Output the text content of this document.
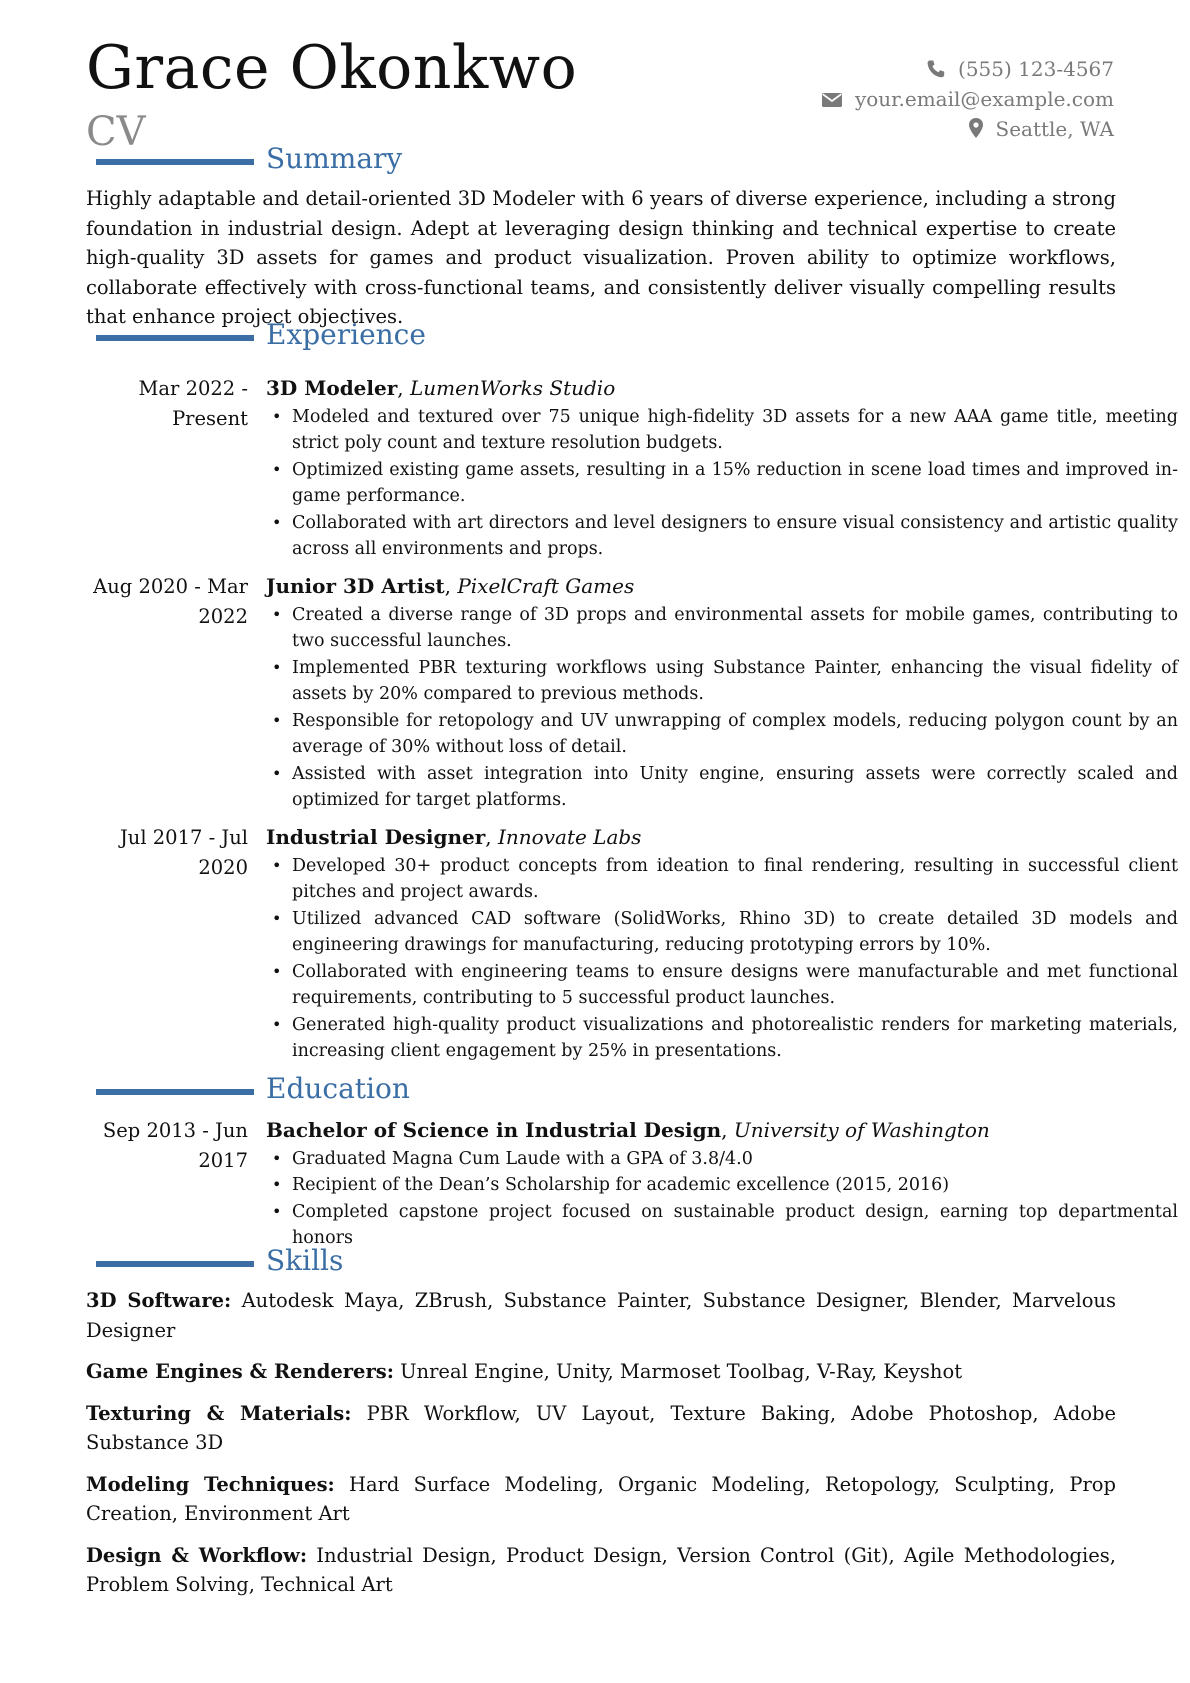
Grace Okonkwo
CV
(555) 123-4567
your.email@example.com
Seattle, WA
Summary
Highly adaptable and detail-oriented 3D Modeler with 6 years of diverse experience, including a strong foundation in industrial design. Adept at leveraging design thinking and technical expertise to create high-quality 3D assets for games and product visualization. Proven ability to optimize workflows, collaborate effectively with cross-functional teams, and consistently deliver visually compelling results that enhance project objectives.
Experience
Mar 2022 - Present
3D Modeler, LumenWorks Studio
• Modeled and textured over 75 unique high-fidelity 3D assets for a new AAA game title, meeting strict poly count and texture resolution budgets.
• Optimized existing game assets, resulting in a 15% reduction in scene load times and improved in-game performance.
• Collaborated with art directors and level designers to ensure visual consistency and artistic quality across all environments and props.
Aug 2020 - Mar 2022
Junior 3D Artist, PixelCraft Games
• Created a diverse range of 3D props and environmental assets for mobile games, contributing to two successful launches.
• Implemented PBR texturing workflows using Substance Painter, enhancing the visual fidelity of assets by 20% compared to previous methods.
• Responsible for retopology and UV unwrapping of complex models, reducing polygon count by an average of 30% without loss of detail.
• Assisted with asset integration into Unity engine, ensuring assets were correctly scaled and optimized for target platforms.
Jul 2017 - Jul 2020
Industrial Designer, Innovate Labs
• Developed 30+ product concepts from ideation to final rendering, resulting in successful client pitches and project awards.
• Utilized advanced CAD software (SolidWorks, Rhino 3D) to create detailed 3D models and engineering drawings for manufacturing, reducing prototyping errors by 10%.
• Collaborated with engineering teams to ensure designs were manufacturable and met functional requirements, contributing to 5 successful product launches.
• Generated high-quality product visualizations and photorealistic renders for marketing materials, increasing client engagement by 25% in presentations.
Education
Sep 2013 - Jun 2017
Bachelor of Science in Industrial Design, University of Washington
• Graduated Magna Cum Laude with a GPA of 3.8/4.0
• Recipient of the Dean’s Scholarship for academic excellence (2015, 2016)
• Completed capstone project focused on sustainable product design, earning top departmental honors
Skills
3D Software: Autodesk Maya, ZBrush, Substance Painter, Substance Designer, Blender, Marvelous Designer
Game Engines & Renderers: Unreal Engine, Unity, Marmoset Toolbag, V-Ray, Keyshot
Texturing & Materials: PBR Workflow, UV Layout, Texture Baking, Adobe Photoshop, Adobe Substance 3D
Modeling Techniques: Hard Surface Modeling, Organic Modeling, Retopology, Sculpting, Prop Creation, Environment Art
Design & Workflow: Industrial Design, Product Design, Version Control (Git), Agile Methodologies, Problem Solving, Technical Art
